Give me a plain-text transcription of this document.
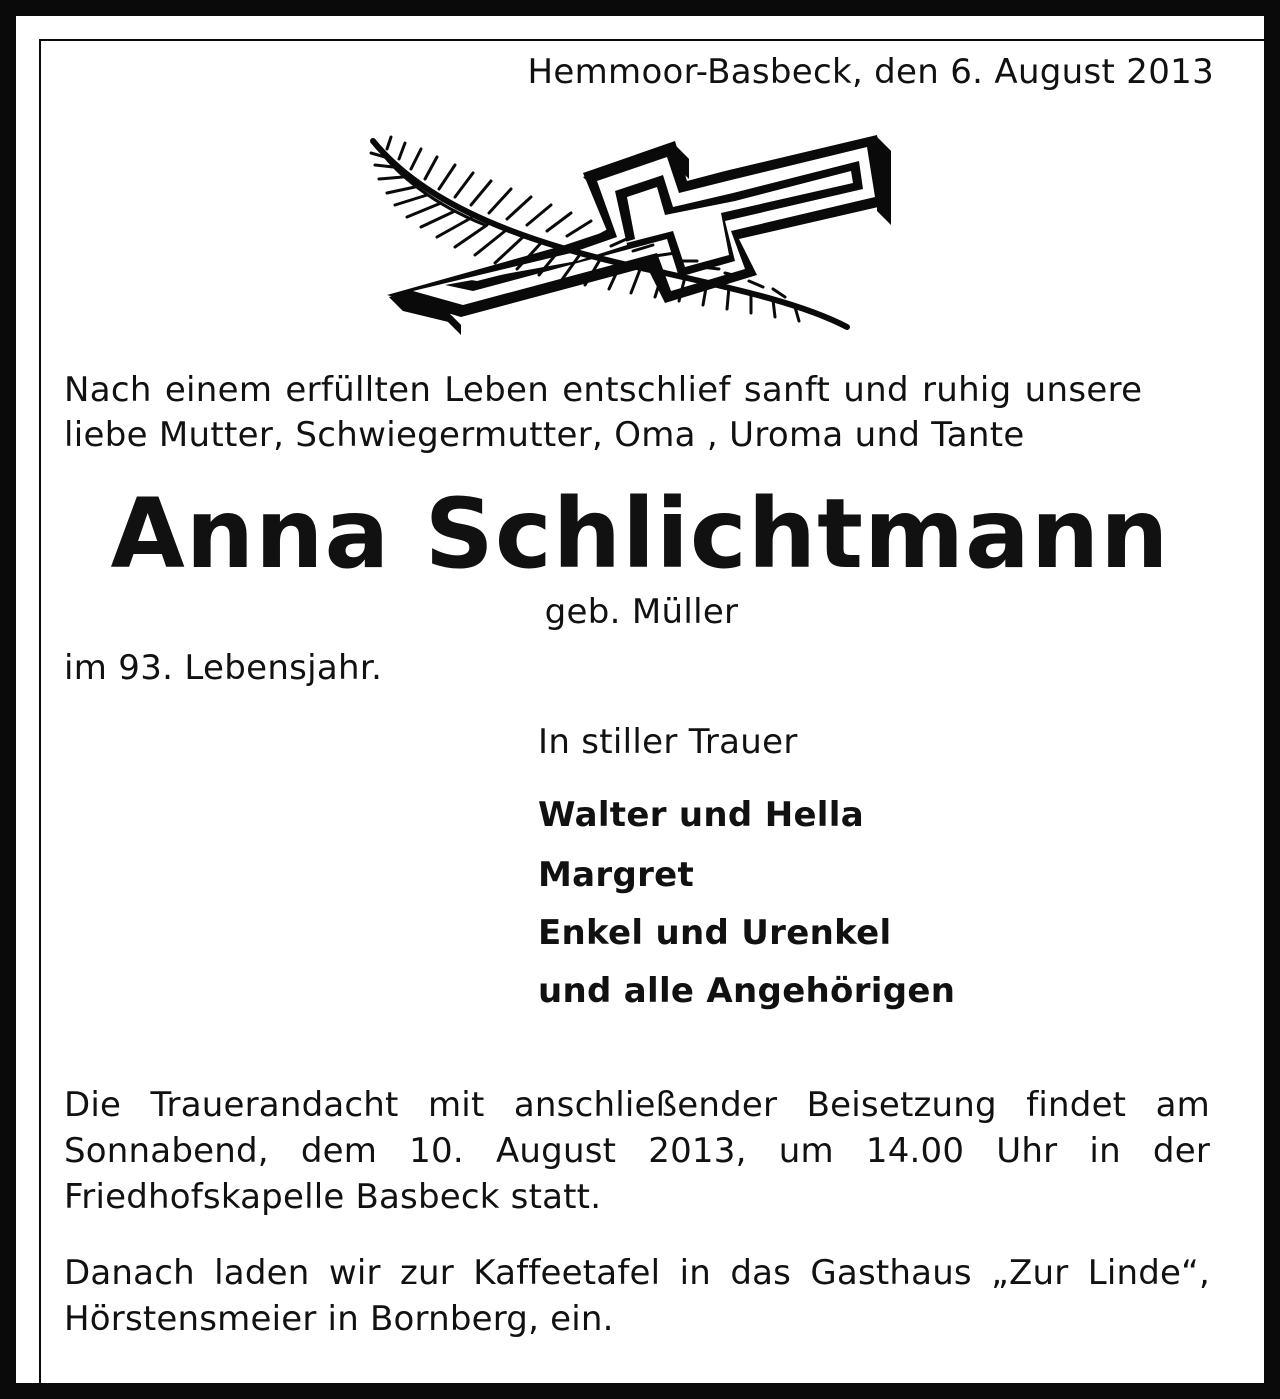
Hemmoor-Basbeck, den 6. August 2013
Nach einem erfüllten Leben entschlief sanft und ruhig unsere
liebe Mutter, Schwiegermutter, Oma , Uroma und Tante
Anna Schlichtmann
geb. Müller
im 93. Lebensjahr.
In stiller Trauer
Walter und Hella
Margret
Enkel und Urenkel
und alle Angehörigen
Die Trauerandacht mit anschließender Beisetzung findet am Sonnabend, dem 10. August 2013, um 14.00 Uhr in der Friedhofskapelle Basbeck statt.
Danach laden wir zur Kaffeetafel in das Gasthaus „Zur Linde“, Hörstensmeier in Bornberg, ein.
